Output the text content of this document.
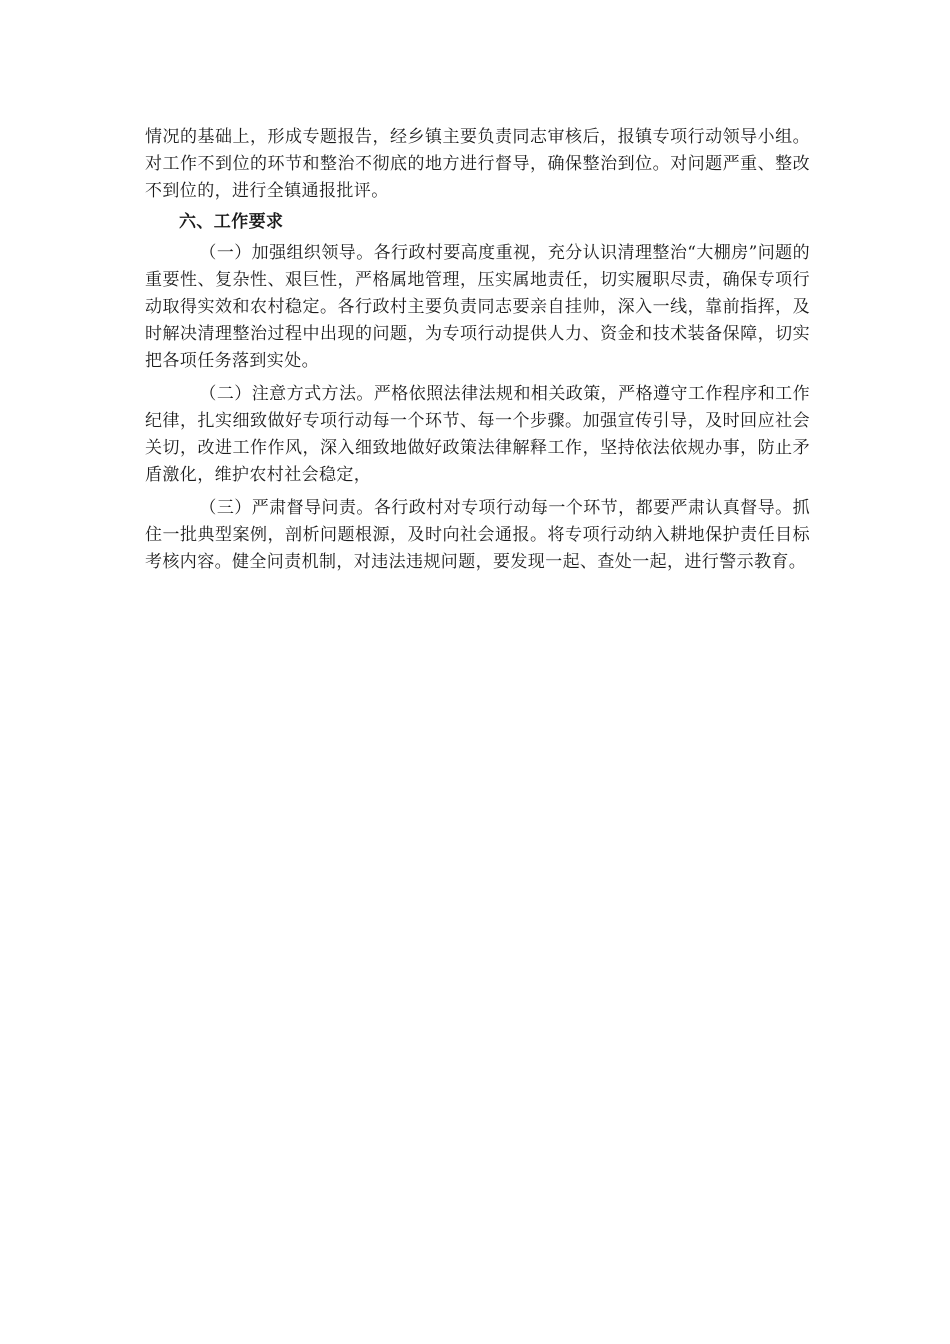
情况的基础上，形成专题报告，经乡镇主要负责同志审核后，报镇专项行动领导小组。对工作不到位的环节和整治不彻底的地方进行督导，确保整治到位。对问题严重、整改不到位的，进行全镇通报批评。

六、工作要求

（一）加强组织领导。各行政村要高度重视，充分认识清理整治“大棚房”问题的重要性、复杂性、艰巨性，严格属地管理，压实属地责任，切实履职尽责，确保专项行动取得实效和农村稳定。各行政村主要负责同志要亲自挂帅，深入一线，靠前指挥，及时解决清理整治过程中出现的问题，为专项行动提供人力、资金和技术装备保障，切实把各项任务落到实处。

（二）注意方式方法。严格依照法律法规和相关政策，严格遵守工作程序和工作纪律，扎实细致做好专项行动每一个环节、每一个步骤。加强宣传引导，及时回应社会关切，改进工作作风，深入细致地做好政策法律解释工作，坚持依法依规办事，防止矛盾激化，维护农村社会稳定，

（三）严肃督导问责。各行政村对专项行动每一个环节，都要严肃认真督导。抓住一批典型案例，剖析问题根源，及时向社会通报。将专项行动纳入耕地保护责任目标考核内容。健全问责机制，对违法违规问题，要发现一起、查处一起，进行警示教育。
